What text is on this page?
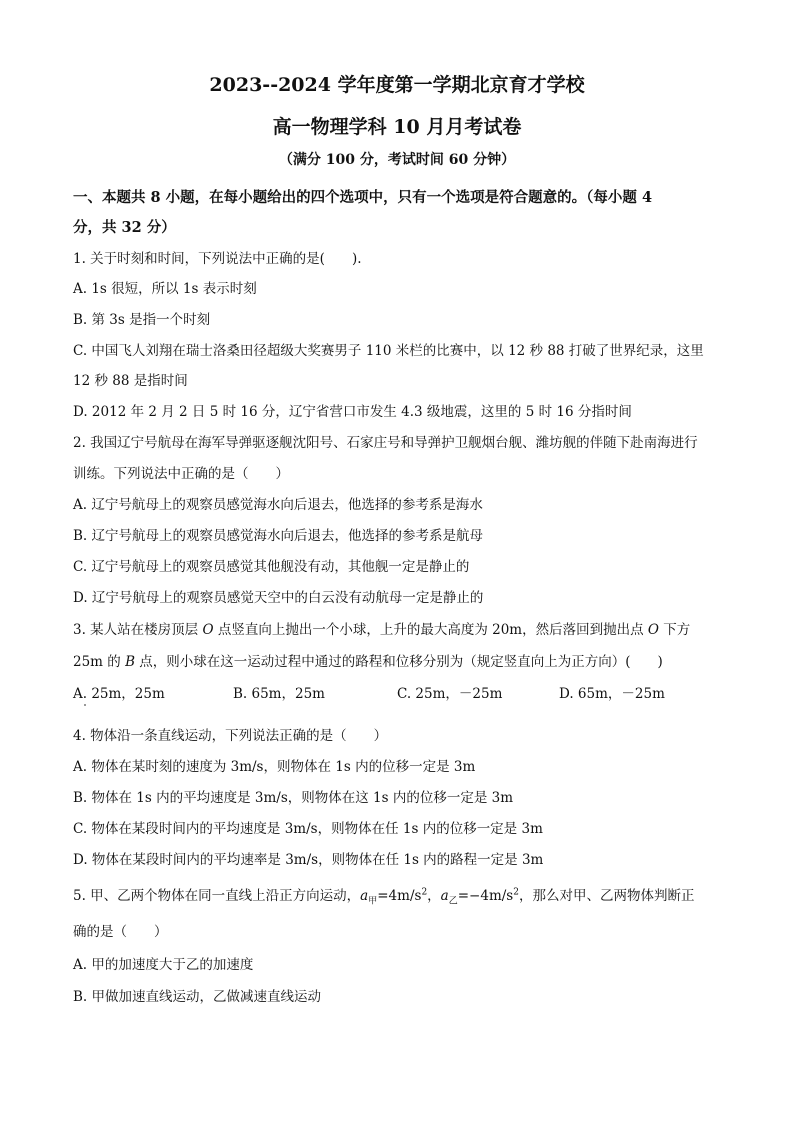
2023--2024 学年度第一学期北京育才学校
高一物理学科 10 月月考试卷
（满分 100 分，考试时间 60 分钟）
一、本题共 8 小题，在每小题给出的四个选项中，只有一个选项是符合题意的。（每小题 4
分，共 32 分）
1. 关于时刻和时间，下列说法中正确的是(　　).
A. 1s 很短，所以 1s 表示时刻
B. 第 3s 是指一个时刻
C. 中国飞人刘翔在瑞士洛桑田径超级大奖赛男子 110 米栏的比赛中，以 12 秒 88 打破了世界纪录，这里
12 秒 88 是指时间
D. 2012 年 2 月 2 日 5 时 16 分，辽宁省营口市发生 4.3 级地震，这里的 5 时 16 分指时间
2. 我国辽宁号航母在海军导弹驱逐舰沈阳号、石家庄号和导弹护卫舰烟台舰、潍坊舰的伴随下赴南海进行
训练。下列说法中正确的是（　　）
A. 辽宁号航母上的观察员感觉海水向后退去，他选择的参考系是海水
B. 辽宁号航母上的观察员感觉海水向后退去，他选择的参考系是航母
C. 辽宁号航母上的观察员感觉其他舰没有动，其他舰一定是静止的
D. 辽宁号航母上的观察员感觉天空中的白云没有动航母一定是静止的
3. 某人站在楼房顶层 O 点竖直向上抛出一个小球，上升的最大高度为 20m，然后落回到抛出点 O 下方
25m 的 B 点，则小球在这一运动过程中通过的路程和位移分别为（规定竖直向上为正方向）(　　)
A. 25m，25m	B. 65m，25m	C. 25m，－25m	D. 65m，－25m
4. 物体沿一条直线运动，下列说法正确的是（　　）
A. 物体在某时刻的速度为 3m/s，则物体在 1s 内的位移一定是 3m
B. 物体在 1s 内的平均速度是 3m/s，则物体在这 1s 内的位移一定是 3m
C. 物体在某段时间内的平均速度是 3m/s，则物体在任 1s 内的位移一定是 3m
D. 物体在某段时间内的平均速率是 3m/s，则物体在任 1s 内的路程一定是 3m
5. 甲、乙两个物体在同一直线上沿正方向运动，$a_甲=4m/s^2$，$a_乙=-4m/s^2$，那么对甲、乙两物体判断正
确的是（　　）
A. 甲的加速度大于乙的加速度
B. 甲做加速直线运动，乙做减速直线运动
